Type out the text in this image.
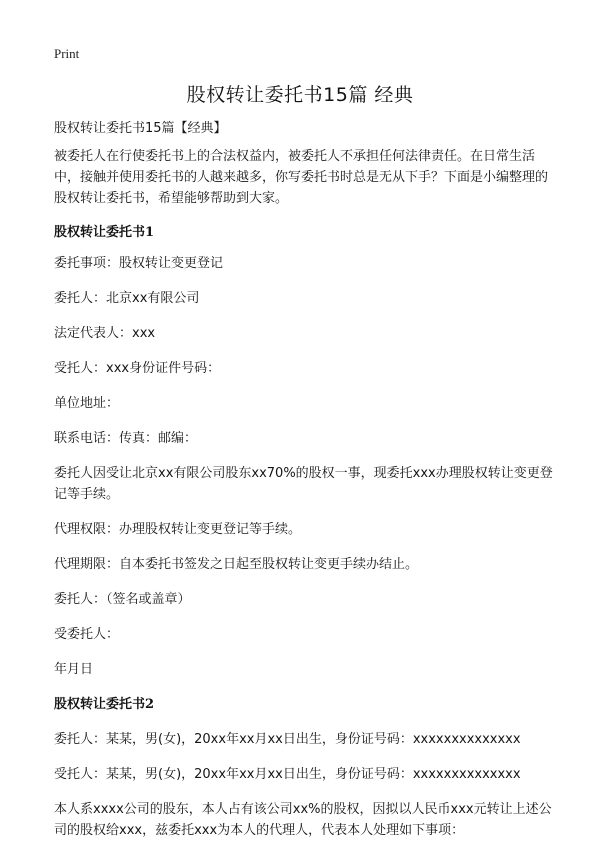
Print
股权转让委托书15篇 经典

股权转让委托书15篇【经典】

被委托人在行使委托书上的合法权益内，被委托人不承担任何法律责任。在日常生活中，接触并使用委托书的人越来越多，你写委托书时总是无从下手？下面是小编整理的股权转让委托书，希望能够帮助到大家。

股权转让委托书1

委托事项：股权转让变更登记

委托人：北京xx有限公司

法定代表人：xxx

受托人：xxx身份证件号码：

单位地址：

联系电话：传真：邮编：

委托人因受让北京xx有限公司股东xx70%的股权一事，现委托xxx办理股权转让变更登记等手续。

代理权限：办理股权转让变更登记等手续。

代理期限：自本委托书签发之日起至股权转让变更手续办结止。

委托人：（签名或盖章）

受委托人：

年月日

股权转让委托书2

委托人：某某，男(女)，20xx年xx月xx日出生，身份证号码：xxxxxxxxxxxxxx

受托人：某某，男(女)，20xx年xx月xx日出生，身份证号码：xxxxxxxxxxxxxx

本人系xxxx公司的股东，本人占有该公司xx%的股权，因拟以人民币xxx元转让上述公司的股权给xxx，兹委托xxx为本人的代理人，代表本人处理如下事项：
